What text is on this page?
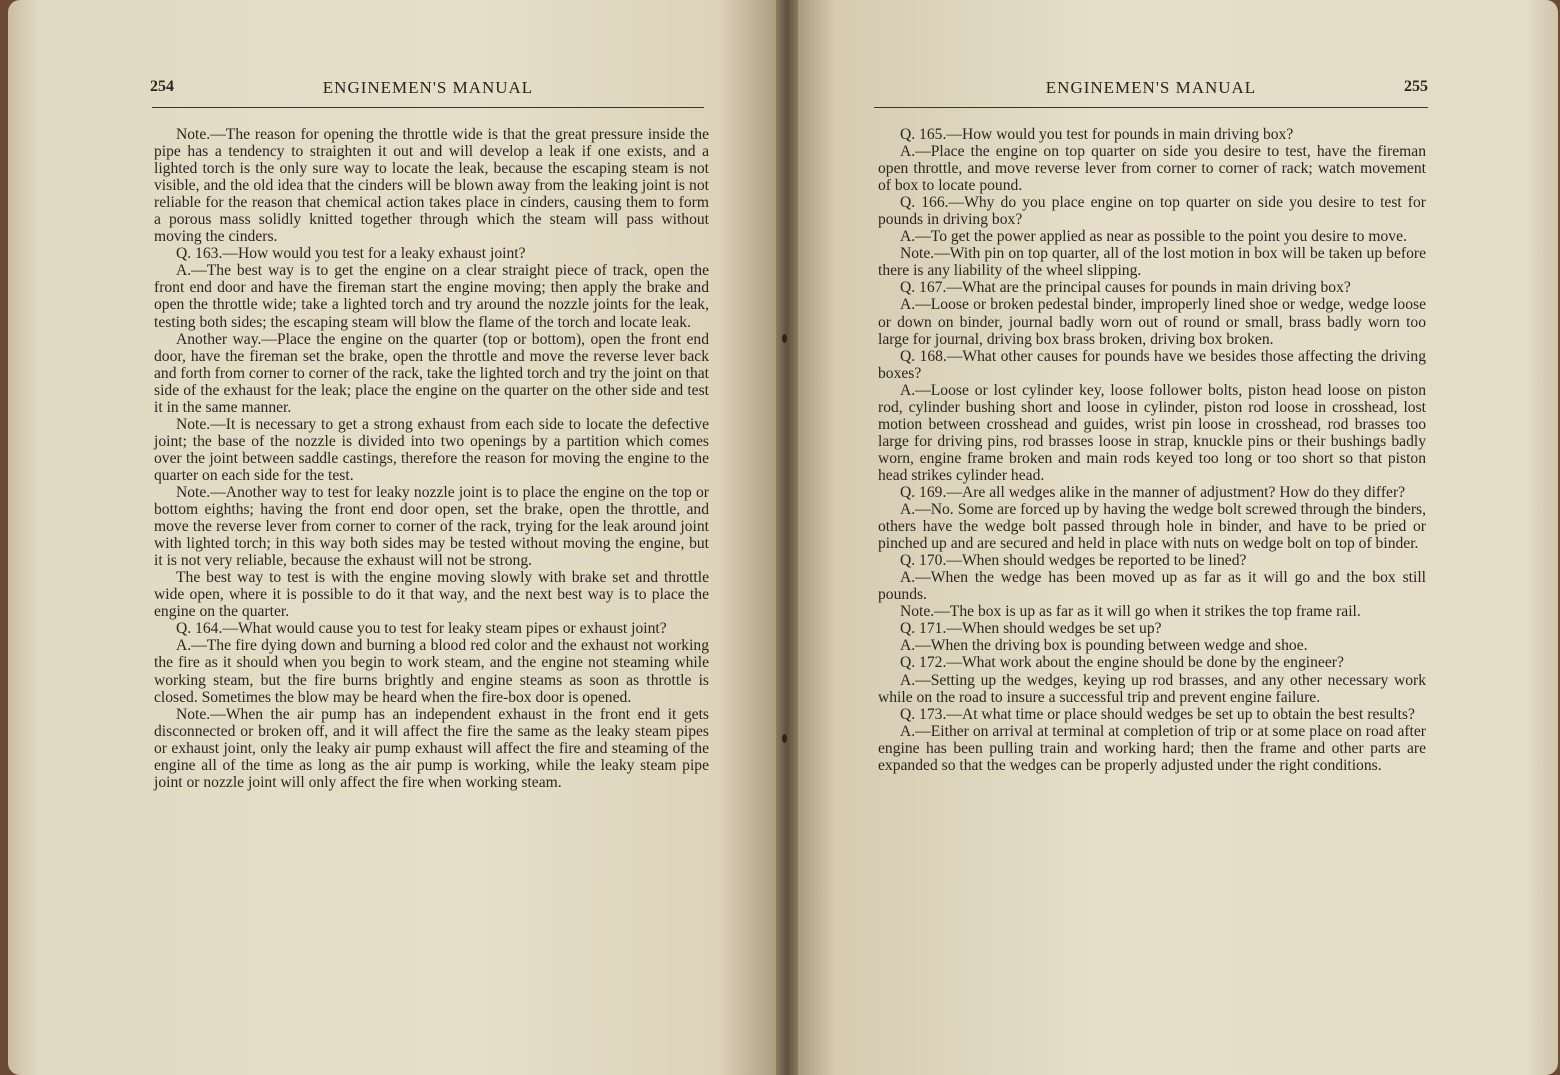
254	ENGINEMEN'S MANUAL

Note.—The reason for opening the throttle wide is that the great pressure inside the pipe has a tendency to straighten it out and will develop a leak if one exists, and a lighted torch is the only sure way to locate the leak, because the escaping steam is not visible, and the old idea that the cinders will be blown away from the leaking joint is not reliable for the reason that chemical action takes place in cinders, causing them to form a porous mass solidly knitted together through which the steam will pass without moving the cinders.

Q. 163.—How would you test for a leaky exhaust joint?

A.—The best way is to get the engine on a clear straight piece of track, open the front end door and have the fireman start the engine moving; then apply the brake and open the throttle wide; take a lighted torch and try around the nozzle joints for the leak, testing both sides; the escaping steam will blow the flame of the torch and locate leak.

Another way.—Place the engine on the quarter (top or bottom), open the front end door, have the fireman set the brake, open the throttle and move the reverse lever back and forth from corner to corner of the rack, take the lighted torch and try the joint on that side of the exhaust for the leak; place the engine on the quarter on the other side and test it in the same manner.

Note.—It is necessary to get a strong exhaust from each side to locate the defective joint; the base of the nozzle is divided into two openings by a partition which comes over the joint between saddle castings, therefore the reason for moving the engine to the quarter on each side for the test.

Note.—Another way to test for leaky nozzle joint is to place the engine on the top or bottom eighths; having the front end door open, set the brake, open the throttle, and move the reverse lever from corner to corner of the rack, trying for the leak around joint with lighted torch; in this way both sides may be tested without moving the engine, but it is not very reliable, because the exhaust will not be strong.

The best way to test is with the engine moving slowly with brake set and throttle wide open, where it is possible to do it that way, and the next best way is to place the engine on the quarter.

Q. 164.—What would cause you to test for leaky steam pipes or exhaust joint?

A.—The fire dying down and burning a blood red color and the exhaust not working the fire as it should when you begin to work steam, and the engine not steaming while working steam, but the fire burns brightly and engine steams as soon as throttle is closed. Sometimes the blow may be heard when the fire-box door is opened.

Note.—When the air pump has an independent exhaust in the front end it gets disconnected or broken off, and it will affect the fire the same as the leaky steam pipes or exhaust joint, only the leaky air pump exhaust will affect the fire and steaming of the engine all of the time as long as the air pump is working, while the leaky steam pipe joint or nozzle joint will only affect the fire when working steam.

ENGINEMEN'S MANUAL	255

Q. 165.—How would you test for pounds in main driving box?

A.—Place the engine on top quarter on side you desire to test, have the fireman open throttle, and move reverse lever from corner to corner of rack; watch movement of box to locate pound.

Q. 166.—Why do you place engine on top quarter on side you desire to test for pounds in driving box?

A.—To get the power applied as near as possible to the point you desire to move.

Note.—With pin on top quarter, all of the lost motion in box will be taken up before there is any liability of the wheel slipping.

Q. 167.—What are the principal causes for pounds in main driving box?

A.—Loose or broken pedestal binder, improperly lined shoe or wedge, wedge loose or down on binder, journal badly worn out of round or small, brass badly worn too large for journal, driving box brass broken, driving box broken.

Q. 168.—What other causes for pounds have we besides those affecting the driving boxes?

A.—Loose or lost cylinder key, loose follower bolts, piston head loose on piston rod, cylinder bushing short and loose in cylinder, piston rod loose in crosshead, lost motion between crosshead and guides, wrist pin loose in crosshead, rod brasses too large for driving pins, rod brasses loose in strap, knuckle pins or their bushings badly worn, engine frame broken and main rods keyed too long or too short so that piston head strikes cylinder head.

Q. 169.—Are all wedges alike in the manner of adjustment? How do they differ?

A.—No. Some are forced up by having the wedge bolt screwed through the binders, others have the wedge bolt passed through hole in binder, and have to be pried or pinched up and are secured and held in place with nuts on wedge bolt on top of binder.

Q. 170.—When should wedges be reported to be lined?

A.—When the wedge has been moved up as far as it will go and the box still pounds.

Note.—The box is up as far as it will go when it strikes the top frame rail.

Q. 171.—When should wedges be set up?

A.—When the driving box is pounding between wedge and shoe.

Q. 172.—What work about the engine should be done by the engineer?

A.—Setting up the wedges, keying up rod brasses, and any other necessary work while on the road to insure a successful trip and prevent engine failure.

Q. 173.—At what time or place should wedges be set up to obtain the best results?

A.—Either on arrival at terminal at completion of trip or at some place on road after engine has been pulling train and working hard; then the frame and other parts are expanded so that the wedges can be properly adjusted under the right conditions.
